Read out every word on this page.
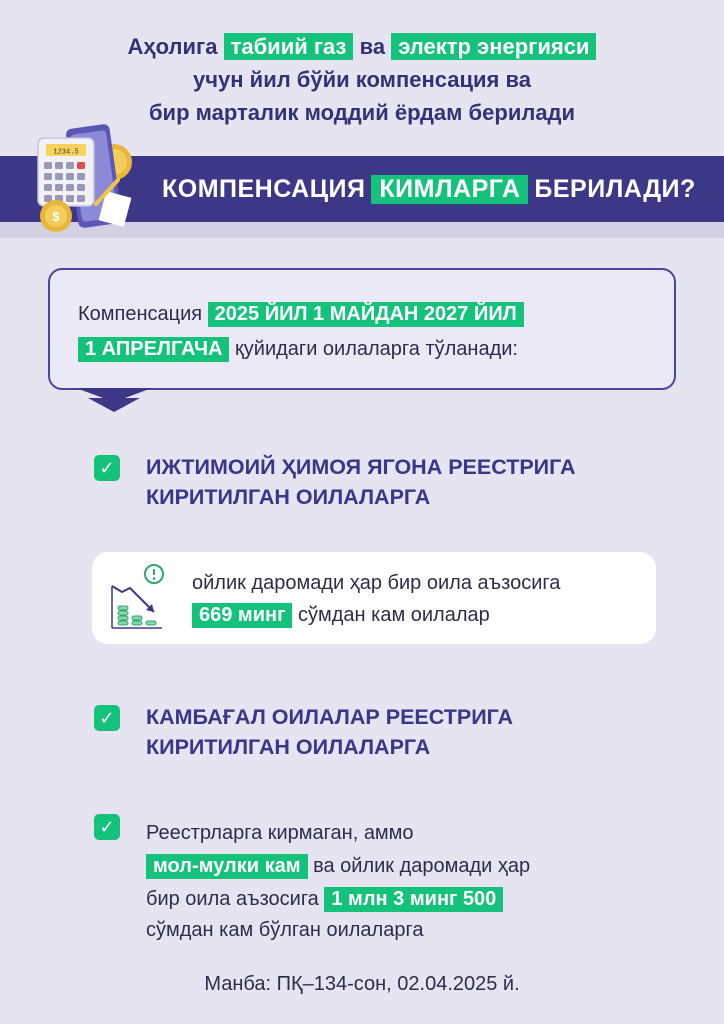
Аҳолига табиий газ ва электр энергияси
учун йил бўйи компенсация ва
бир марталик моддий ёрдам берилади
1234.5
$
КОМПЕНСАЦИЯ КИМЛАРГА БЕРИЛАДИ?
Компенсация 2025 ЙИЛ 1 МАЙДАН 2027 ЙИЛ
1 АПРЕЛГАЧА қуйидаги оилаларга тўланади:
✓ ИЖТИМОИЙ ҲИМОЯ ЯГОНА РЕЕСТРИГА
КИРИТИЛГАН ОИЛАЛАРГА
ойлик даромади ҳар бир оила аъзосига
669 минг сўмдан кам оилалар
✓ КАМБАҒАЛ ОИЛАЛАР РЕЕСТРИГА
КИРИТИЛГАН ОИЛАЛАРГА
✓ Реестрларга кирмаган, аммо
мол-мулки кам ва ойлик даромади ҳар
бир оила аъзосига 1 млн 3 минг 500
сўмдан кам бўлган оилаларга
Манба: ПҚ–134-сон, 02.04.2025 й.
